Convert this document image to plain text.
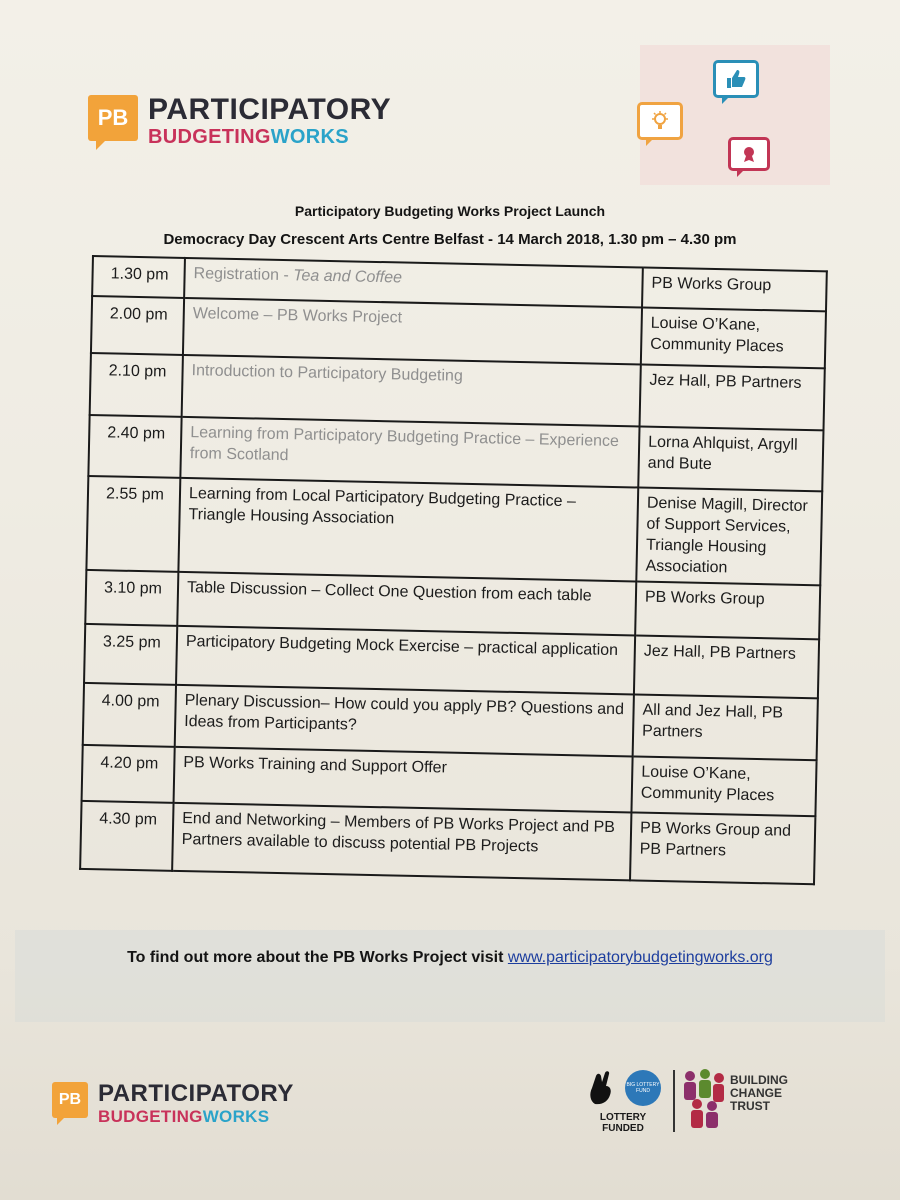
PB PARTICIPATORY
BUDGETINGWORKS
Participatory Budgeting Works Project Launch
Democracy Day Crescent Arts Centre Belfast - 14 March 2018, 1.30 pm – 4.30 pm
1.30 pm	Registration - Tea and Coffee	PB Works Group
2.00 pm	Welcome – PB Works Project	Louise O’Kane, Community Places
2.10 pm	Introduction to Participatory Budgeting	Jez Hall, PB Partners
2.40 pm	Learning from Participatory Budgeting Practice – Experience from Scotland	Lorna Ahlquist, Argyll and Bute
2.55 pm	Learning from Local Participatory Budgeting Practice – Triangle Housing Association	Denise Magill, Director of Support Services, Triangle Housing Association
3.10 pm	Table Discussion – Collect One Question from each table	PB Works Group
3.25 pm	Participatory Budgeting Mock Exercise – practical application	Jez Hall, PB Partners
4.00 pm	Plenary Discussion– How could you apply PB? Questions and Ideas from Participants?	All and Jez Hall, PB Partners
4.20 pm	PB Works Training and Support Offer	Louise O’Kane, Community Places
4.30 pm	End and Networking – Members of PB Works Project and PB Partners available to discuss potential PB Projects	PB Works Group and PB Partners
To find out more about the PB Works Project visit www.participatorybudgetingworks.org
PB PARTICIPATORY
BUDGETINGWORKS
BIG LOTTERY FUND
LOTTERY FUNDED
BUILDING
CHANGE
TRUST
